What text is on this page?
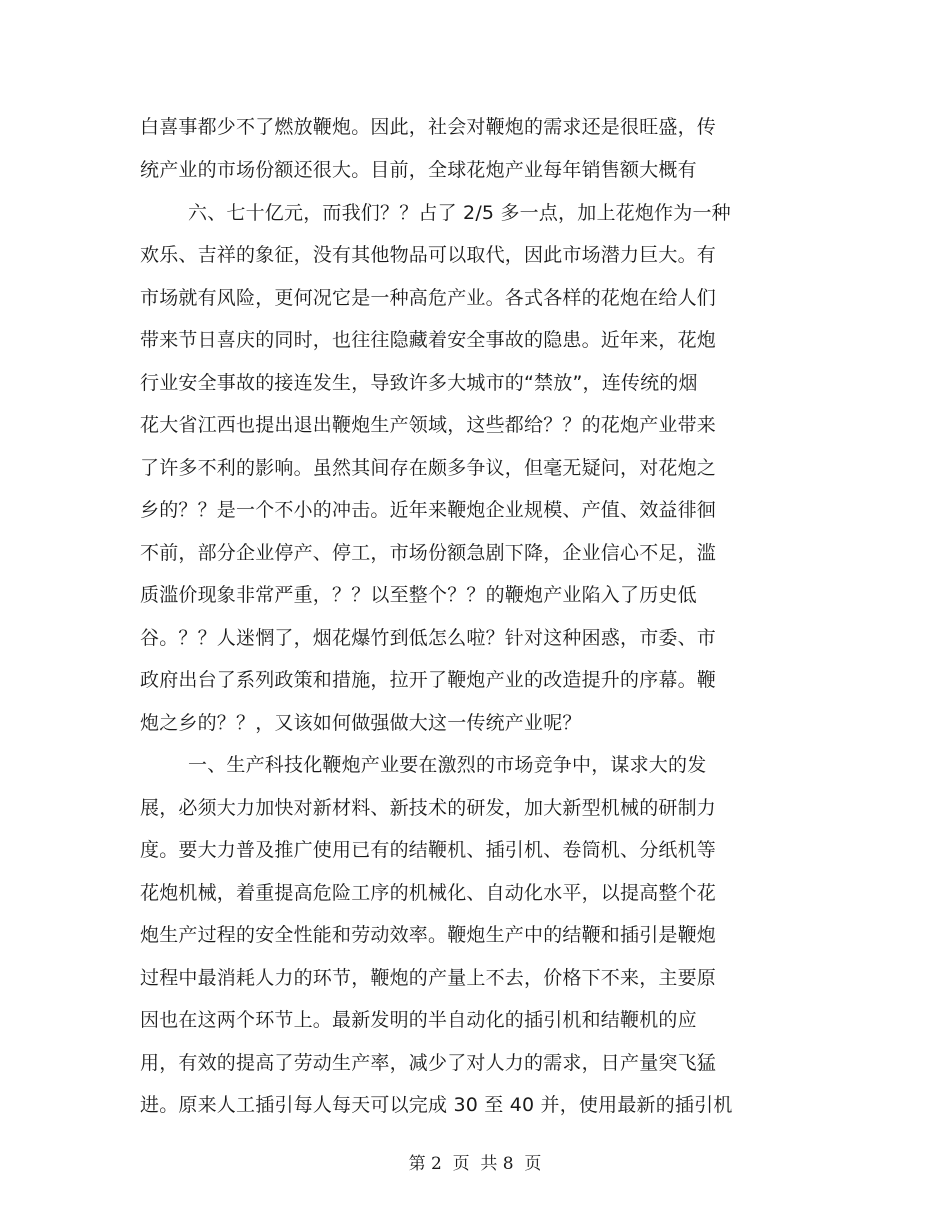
白喜事都少不了燃放鞭炮。因此，社会对鞭炮的需求还是很旺盛，传
统产业的市场份额还很大。目前，全球花炮产业每年销售额大概有
六、七十亿元，而我们？？占了 2/5 多一点，加上花炮作为一种
欢乐、吉祥的象征，没有其他物品可以取代，因此市场潜力巨大。有
市场就有风险，更何况它是一种高危产业。各式各样的花炮在给人们
带来节日喜庆的同时，也往往隐藏着安全事故的隐患。近年来，花炮
行业安全事故的接连发生，导致许多大城市的“禁放”，连传统的烟
花大省江西也提出退出鞭炮生产领域，这些都给？？的花炮产业带来
了许多不利的影响。虽然其间存在颇多争议，但毫无疑问，对花炮之
乡的？？是一个不小的冲击。近年来鞭炮企业规模、产值、效益徘徊
不前，部分企业停产、停工，市场份额急剧下降，企业信心不足，滥
质滥价现象非常严重，？？以至整个？？的鞭炮产业陷入了历史低
谷。？？人迷惘了，烟花爆竹到低怎么啦？针对这种困惑，市委、市
政府出台了系列政策和措施，拉开了鞭炮产业的改造提升的序幕。鞭
炮之乡的？？，又该如何做强做大这一传统产业呢？
一、生产科技化鞭炮产业要在激烈的市场竞争中，谋求大的发
展，必须大力加快对新材料、新技术的研发，加大新型机械的研制力
度。要大力普及推广使用已有的结鞭机、插引机、卷筒机、分纸机等
花炮机械，着重提高危险工序的机械化、自动化水平，以提高整个花
炮生产过程的安全性能和劳动效率。鞭炮生产中的结鞭和插引是鞭炮
过程中最消耗人力的环节，鞭炮的产量上不去，价格下不来，主要原
因也在这两个环节上。最新发明的半自动化的插引机和结鞭机的应
用，有效的提高了劳动生产率，减少了对人力的需求，日产量突飞猛
进。原来人工插引每人每天可以完成 30 至 40 并，使用最新的插引机
第 2  页  共 8  页
